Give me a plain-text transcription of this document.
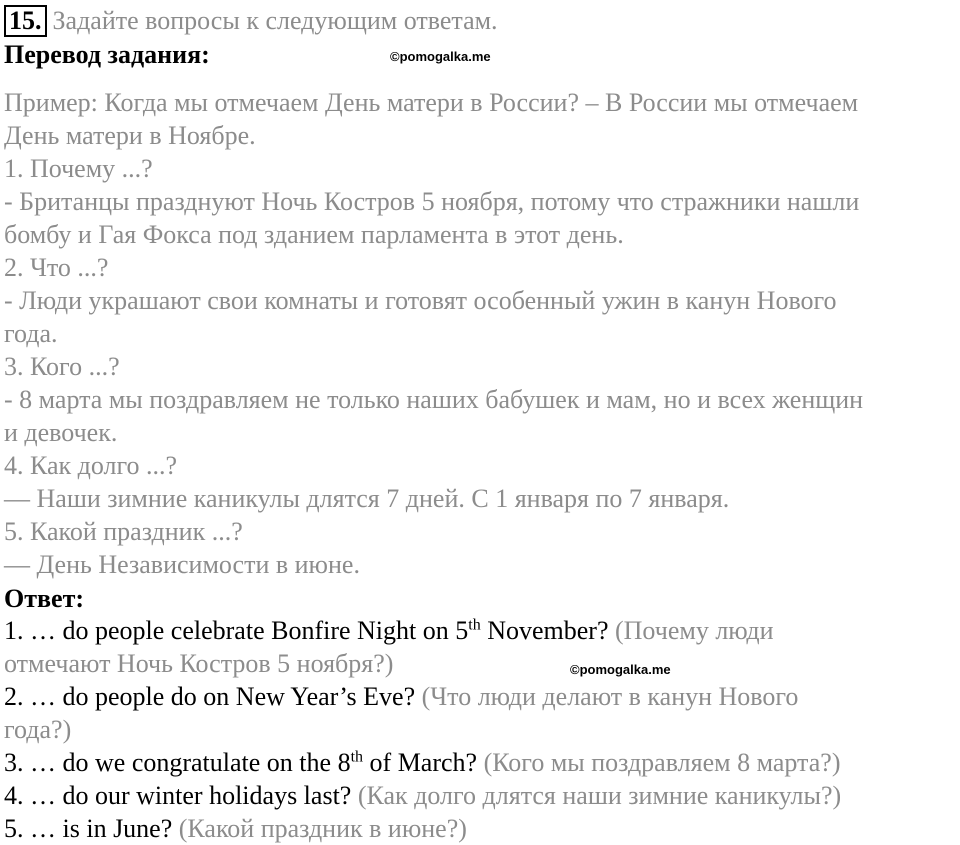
15. Задайте вопросы к следующим ответам.
Перевод задания:	©pomogalka.me
Пример: Когда мы отмечаем День матери в России? – В России мы отмечаем
День матери в Ноябре.
1. Почему ...?
- Британцы празднуют Ночь Костров 5 ноября, потому что стражники нашли
бомбу и Гая Фокса под зданием парламента в этот день.
2. Что ...?
- Люди украшают свои комнаты и готовят особенный ужин в канун Нового
года.
3. Кого ...?
- 8 марта мы поздравляем не только наших бабушек и мам, но и всех женщин
и девочек.
4. Как долго ...?
— Наши зимние каникулы длятся 7 дней. С 1 января по 7 января.
5. Какой праздник ...?
— День Независимости в июне.
Ответ:
1. … do people celebrate Bonfire Night on 5th November? (Почему люди
отмечают Ночь Костров 5 ноября?)	©pomogalka.me
2. … do people do on New Year’s Eve? (Что люди делают в канун Нового
года?)
3. … do we congratulate on the 8th of March? (Кого мы поздравляем 8 марта?)
4. … do our winter holidays last? (Как долго длятся наши зимние каникулы?)
5. … is in June? (Какой праздник в июне?)
